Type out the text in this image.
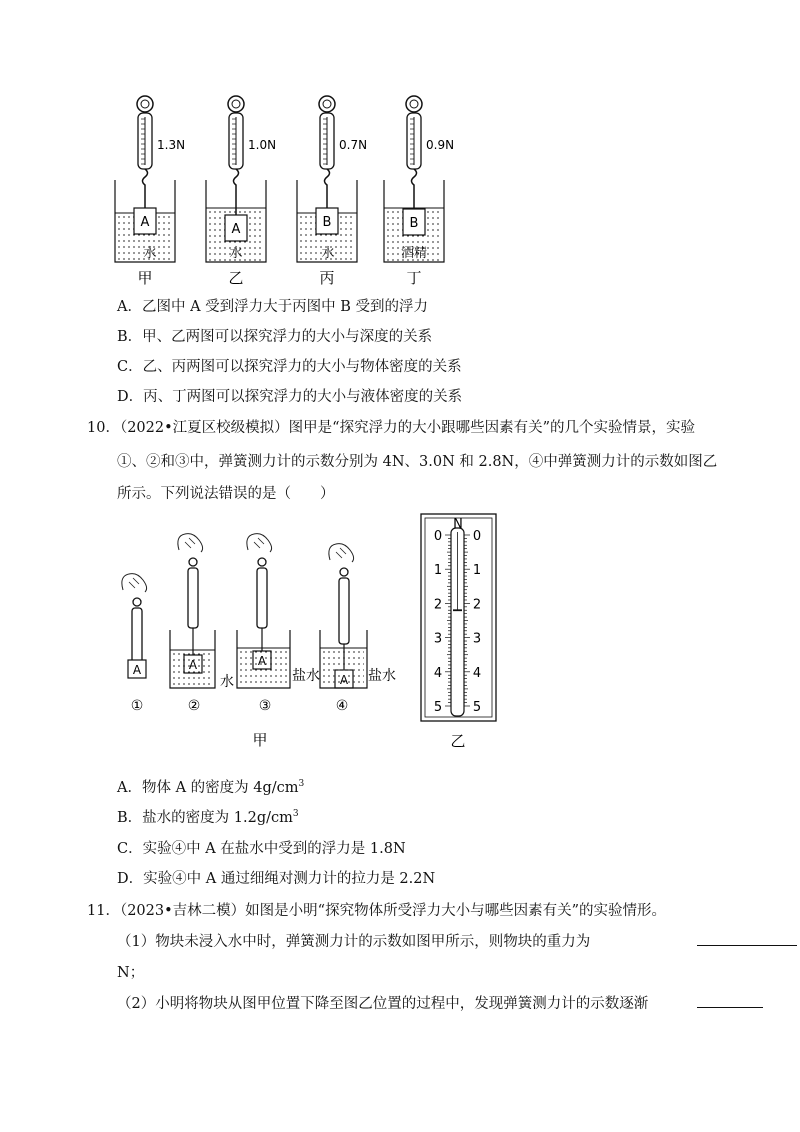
A
1.3N
水
甲
A
1.0N
水
乙
B
0.7N
水
丙
B
0.9N
酒精
丁
A．乙图中 A 受到浮力大于丙图中 B 受到的浮力
B．甲、乙两图可以探究浮力的大小与深度的关系
C．乙、丙两图可以探究浮力的大小与物体密度的关系
D．丙、丁两图可以探究浮力的大小与液体密度的关系
10．（2022•江夏区校级模拟）图甲是“探究浮力的大小跟哪些因素有关”的几个实验情景，实验
①、②和③中，弹簧测力计的示数分别为 4N、3.0N 和 2.8N，④中弹簧测力计的示数如图乙
所示。下列说法错误的是（　　）
A
①
A
②
A
③
A
④
水	盐水	盐水
甲
N
0
1
2
3
4
5
0
1
2
3
4
5
乙
A．物体 A 的密度为 $4g/cm^3$
B．盐水的密度为 $1.2g/cm^3$
C．实验④中 A 在盐水中受到的浮力是 1.8N
D．实验④中 A 通过细绳对测力计的拉力是 2.2N
11．（2023•吉林二模）如图是小明“探究物体所受浮力大小与哪些因素有关”的实验情形。
（1）物块未浸入水中时，弹簧测力计的示数如图甲所示，则物块的重力为
N；
（2）小明将物块从图甲位置下降至图乙位置的过程中，发现弹簧测力计的示数逐渐
